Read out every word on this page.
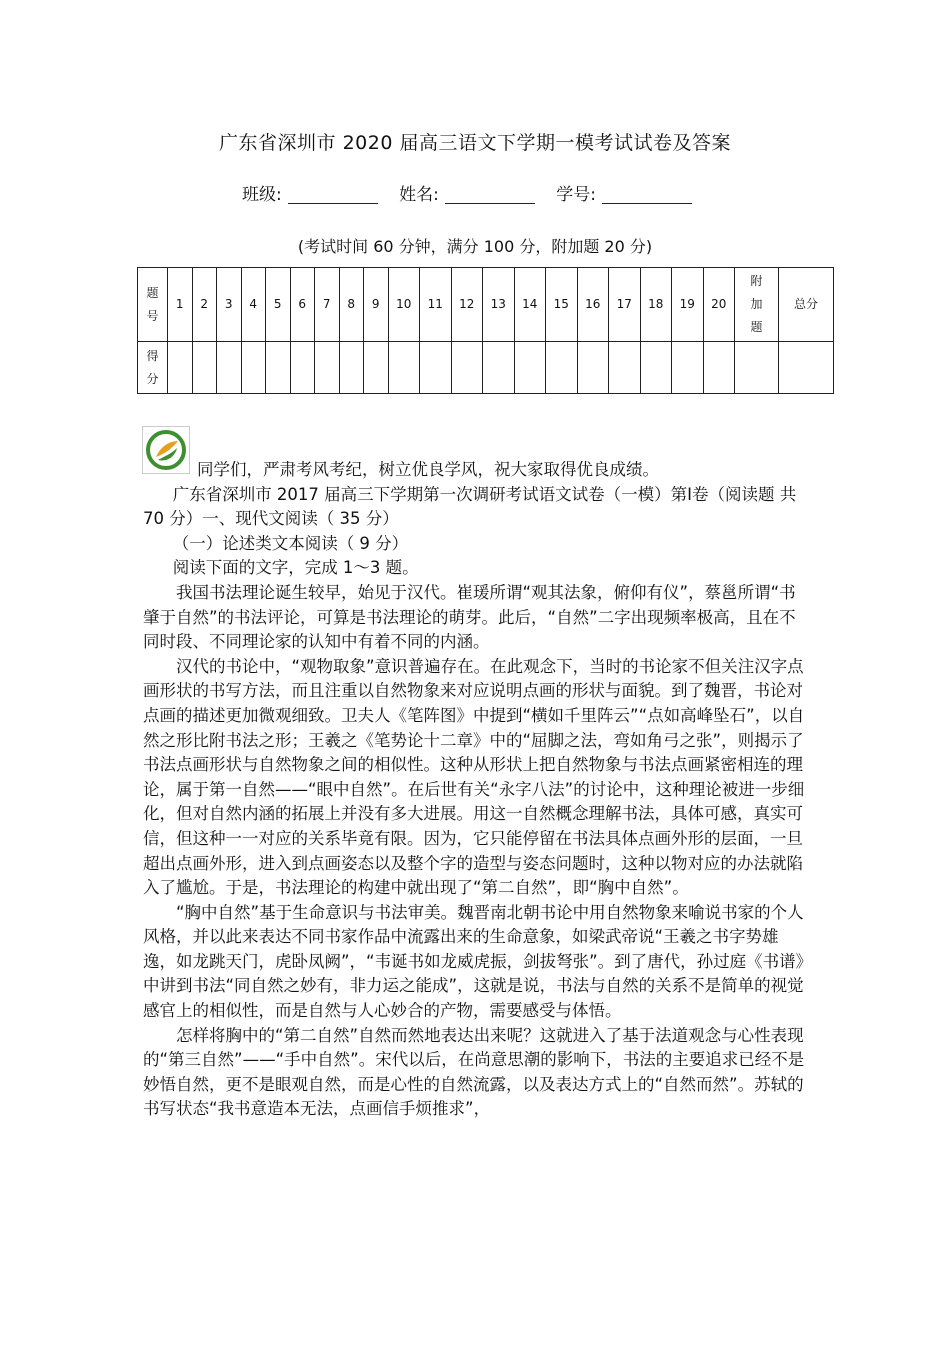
广东省深圳市 2020 届高三语文下学期一模考试试卷及答案
班级:	姓名:	学号:
(考试时间 60 分钟，满分 100 分，附加题 20 分)
题号	1	2	3	4	5	6	7	8	9	10	11	12	13	14	15	16	17	18	19	20	附加题	总分
得分																						

同学们，严肃考风考纪，树立优良学风，祝大家取得优良成绩。

广东省深圳市 2017 届高三下学期第一次调研考试语文试卷（一模）第Ⅰ卷（阅读题 共 70 分）一、现代文阅读（ 35 分）

（一）论述类文本阅读（ 9 分）

阅读下面的文字，完成 1～3 题。

我国书法理论诞生较早，始见于汉代。崔瑗所谓“观其法象，俯仰有仪”，蔡邕所谓“书肇于自然”的书法评论，可算是书法理论的萌芽。此后，“自然”二字出现频率极高，且在不同时段、不同理论家的认知中有着不同的内涵。

汉代的书论中，“观物取象”意识普遍存在。在此观念下，当时的书论家不但关注汉字点画形状的书写方法，而且注重以自然物象来对应说明点画的形状与面貌。到了魏晋，书论对点画的描述更加微观细致。卫夫人《笔阵图》中提到“横如千里阵云”“点如高峰坠石”，以自然之形比附书法之形；王羲之《笔势论十二章》中的“屈脚之法，弯如角弓之张”，则揭示了书法点画形状与自然物象之间的相似性。这种从形状上把自然物象与书法点画紧密相连的理论，属于第一自然——“眼中自然”。在后世有关“永字八法”的讨论中，这种理论被进一步细化，但对自然内涵的拓展上并没有多大进展。用这一自然概念理解书法，具体可感，真实可信，但这种一一对应的关系毕竟有限。因为，它只能停留在书法具体点画外形的层面，一旦超出点画外形，进入到点画姿态以及整个字的造型与姿态问题时，这种以物对应的办法就陷入了尴尬。于是，书法理论的构建中就出现了“第二自然”，即“胸中自然”。

“胸中自然”基于生命意识与书法审美。魏晋南北朝书论中用自然物象来喻说书家的个人风格，并以此来表达不同书家作品中流露出来的生命意象，如梁武帝说“王羲之书字势雄逸，如龙跳天门，虎卧凤阙”，“韦诞书如龙威虎振，剑拔弩张”。到了唐代，孙过庭《书谱》中讲到书法“同自然之妙有，非力运之能成”，这就是说，书法与自然的关系不是简单的视觉感官上的相似性，而是自然与人心妙合的产物，需要感受与体悟。

怎样将胸中的“第二自然”自然而然地表达出来呢？这就进入了基于法道观念与心性表现的“第三自然”——“手中自然”。宋代以后，在尚意思潮的影响下，书法的主要追求已经不是妙悟自然，更不是眼观自然，而是心性的自然流露，以及表达方式上的“自然而然”。苏轼的书写状态“我书意造本无法，点画信手烦推求”，
